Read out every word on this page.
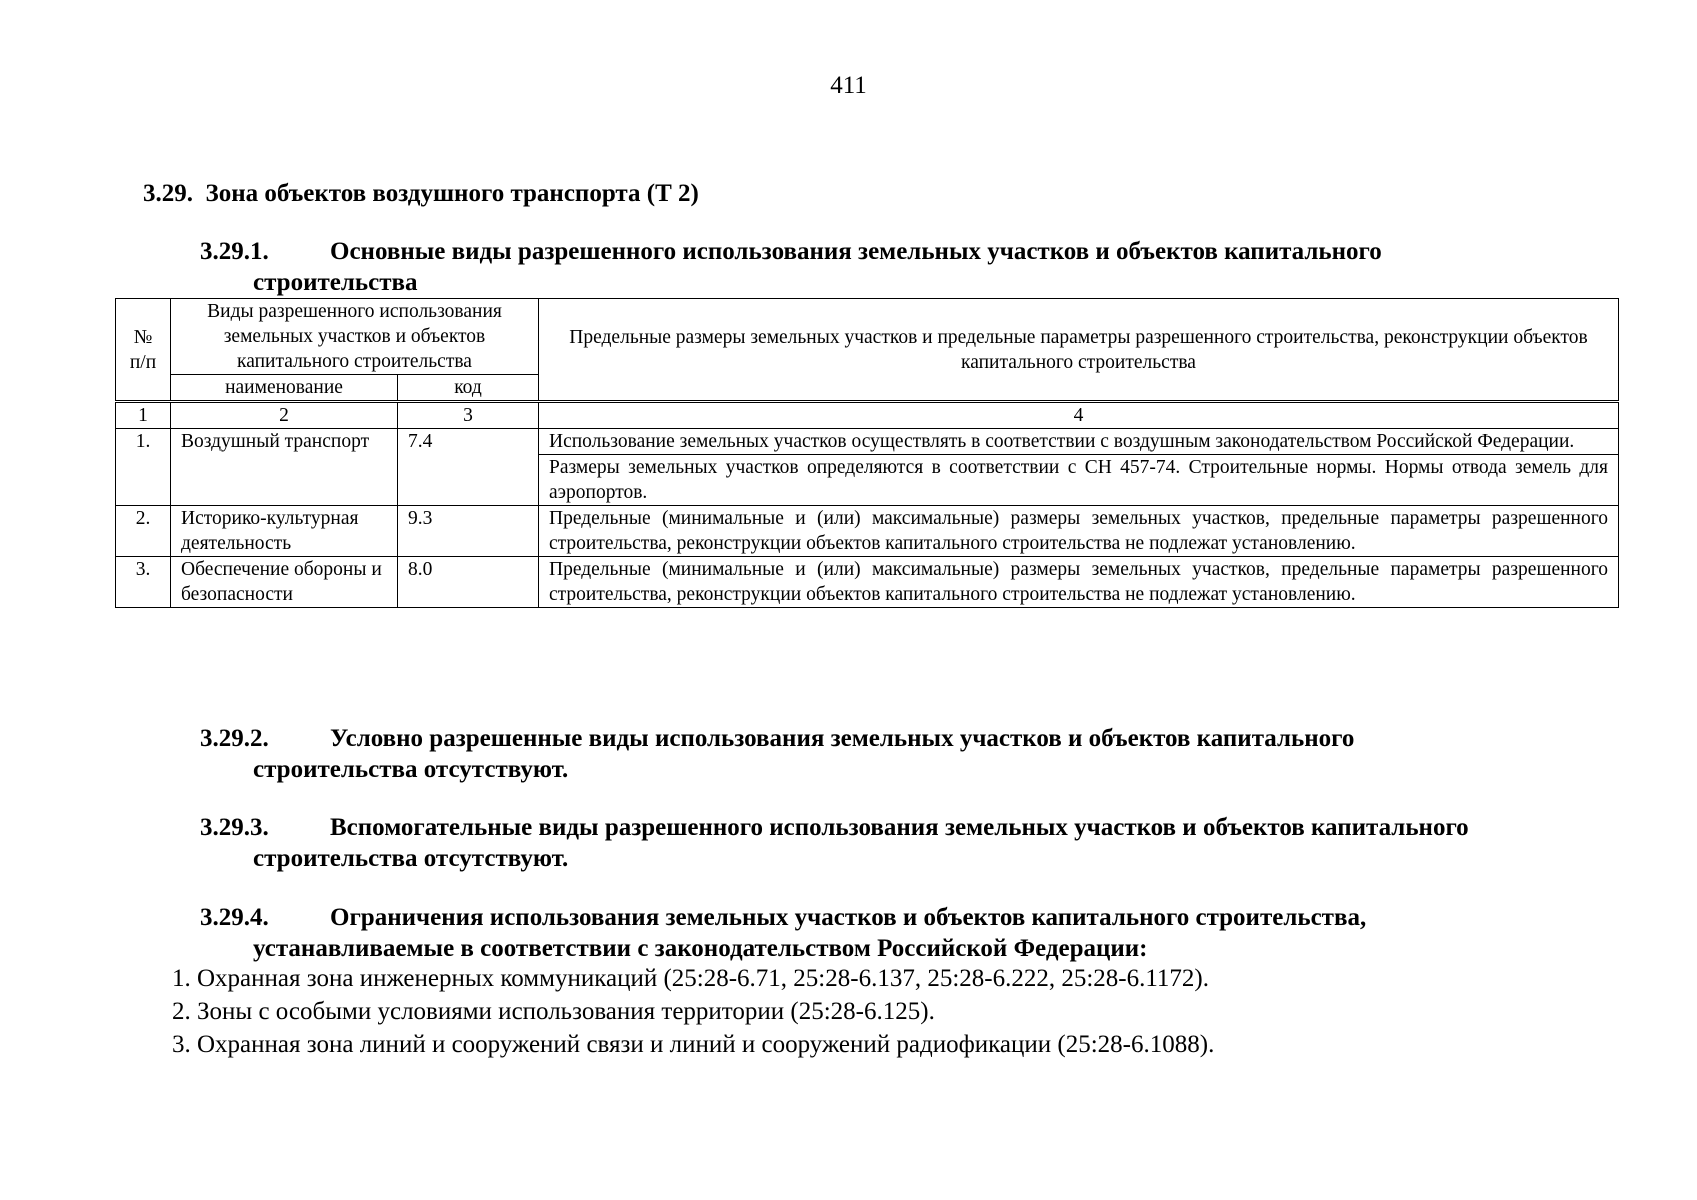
411
3.29. Зона объектов воздушного транспорта (Т 2)
3.29.1. Основные виды разрешенного использования земельных участков и объектов капитального
строительства
№ п/п	Виды разрешенного использования земельных участков и объектов капитального строительства		Предельные размеры земельных участков и предельные параметры разрешенного строительства, реконструкции объектов капитального строительства
	наименование	код	
1	2	3	4
1.	Воздушный транспорт	7.4	Использование земельных участков осуществлять в соответствии с воздушным законодательством Российской Федерации.
			Размеры земельных участков определяются в соответствии с СН 457-74. Строительные нормы. Нормы отвода земель для аэропортов.
2.	Историко-культурная деятельность	9.3	Предельные (минимальные и (или) максимальные) размеры земельных участков, предельные параметры разрешенного строительства, реконструкции объектов капитального строительства не подлежат установлению.
3.	Обеспечение обороны и безопасности	8.0	Предельные (минимальные и (или) максимальные) размеры земельных участков, предельные параметры разрешенного строительства, реконструкции объектов капитального строительства не подлежат установлению.
3.29.2. Условно разрешенные виды использования земельных участков и объектов капитального
строительства отсутствуют.
3.29.3. Вспомогательные виды разрешенного использования земельных участков и объектов капитального
строительства отсутствуют.
3.29.4. Ограничения использования земельных участков и объектов капитального строительства,
устанавливаемые в соответствии с законодательством Российской Федерации:
1. Охранная зона инженерных коммуникаций (25:28-6.71, 25:28-6.137, 25:28-6.222, 25:28-6.1172).
2. Зоны с особыми условиями использования территории (25:28-6.125).
3. Охранная зона линий и сооружений связи и линий и сооружений радиофикации (25:28-6.1088).
